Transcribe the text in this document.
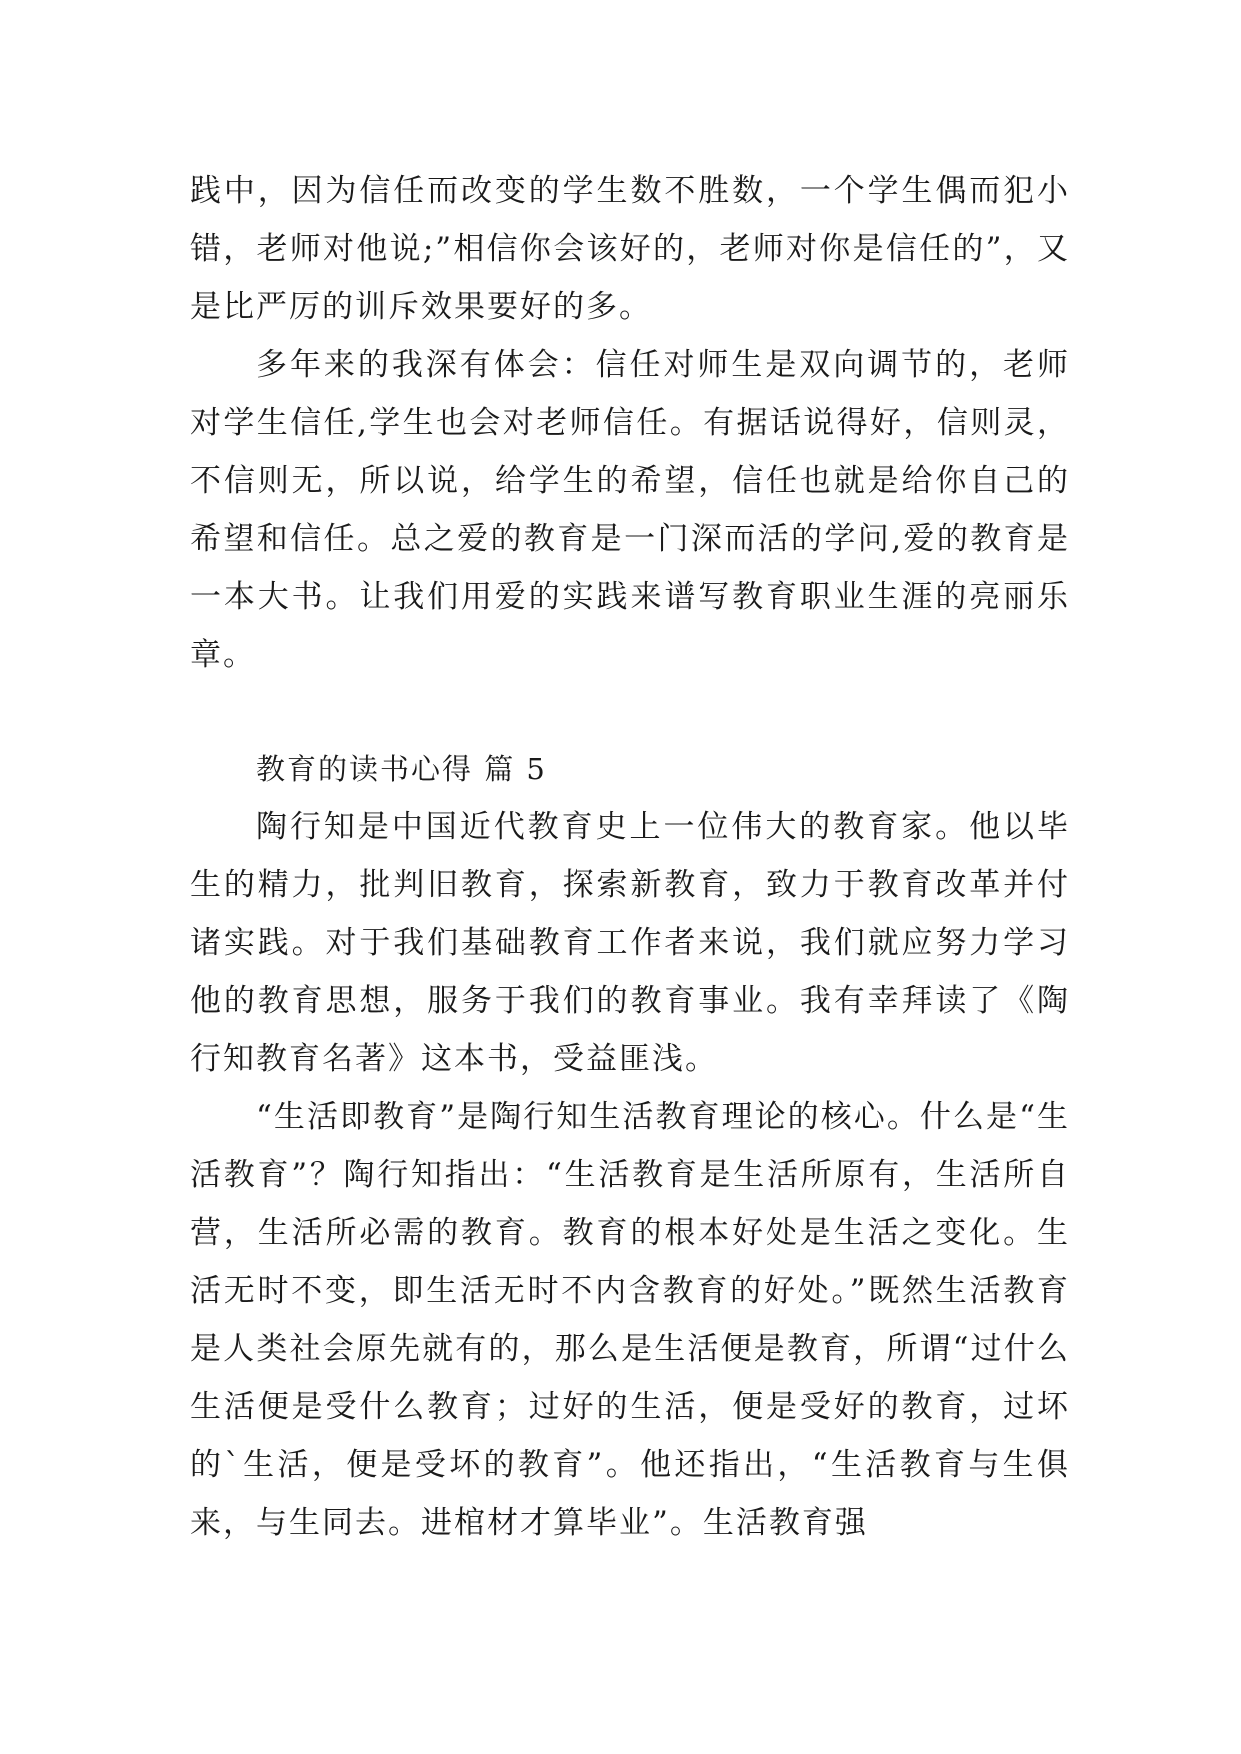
践中，因为信任而改变的学生数不胜数，一个学生偶而犯小错，老师对他说;”相信你会该好的，老师对你是信任的”，又是比严厉的训斥效果要好的多。

多年来的我深有体会：信任对师生是双向调节的，老师对学生信任,学生也会对老师信任。有据话说得好，信则灵，不信则无，所以说，给学生的希望，信任也就是给你自己的希望和信任。总之爱的教育是一门深而活的学问,爱的教育是一本大书。让我们用爱的实践来谱写教育职业生涯的亮丽乐章。

教育的读书心得 篇 5

陶行知是中国近代教育史上一位伟大的教育家。他以毕生的精力，批判旧教育，探索新教育，致力于教育改革并付诸实践。对于我们基础教育工作者来说，我们就应努力学习他的教育思想，服务于我们的教育事业。我有幸拜读了《陶行知教育名著》这本书，受益匪浅。

“生活即教育”是陶行知生活教育理论的核心。什么是“生活教育”？陶行知指出：“生活教育是生活所原有，生活所自营，生活所必需的教育。教育的根本好处是生活之变化。生活无时不变，即生活无时不内含教育的好处。”既然生活教育是人类社会原先就有的，那么是生活便是教育，所谓“过什么生活便是受什么教育；过好的生活，便是受好的教育，过坏的`生活，便是受坏的教育”。他还指出，“生活教育与生俱来，与生同去。进棺材才算毕业”。生活教育强
